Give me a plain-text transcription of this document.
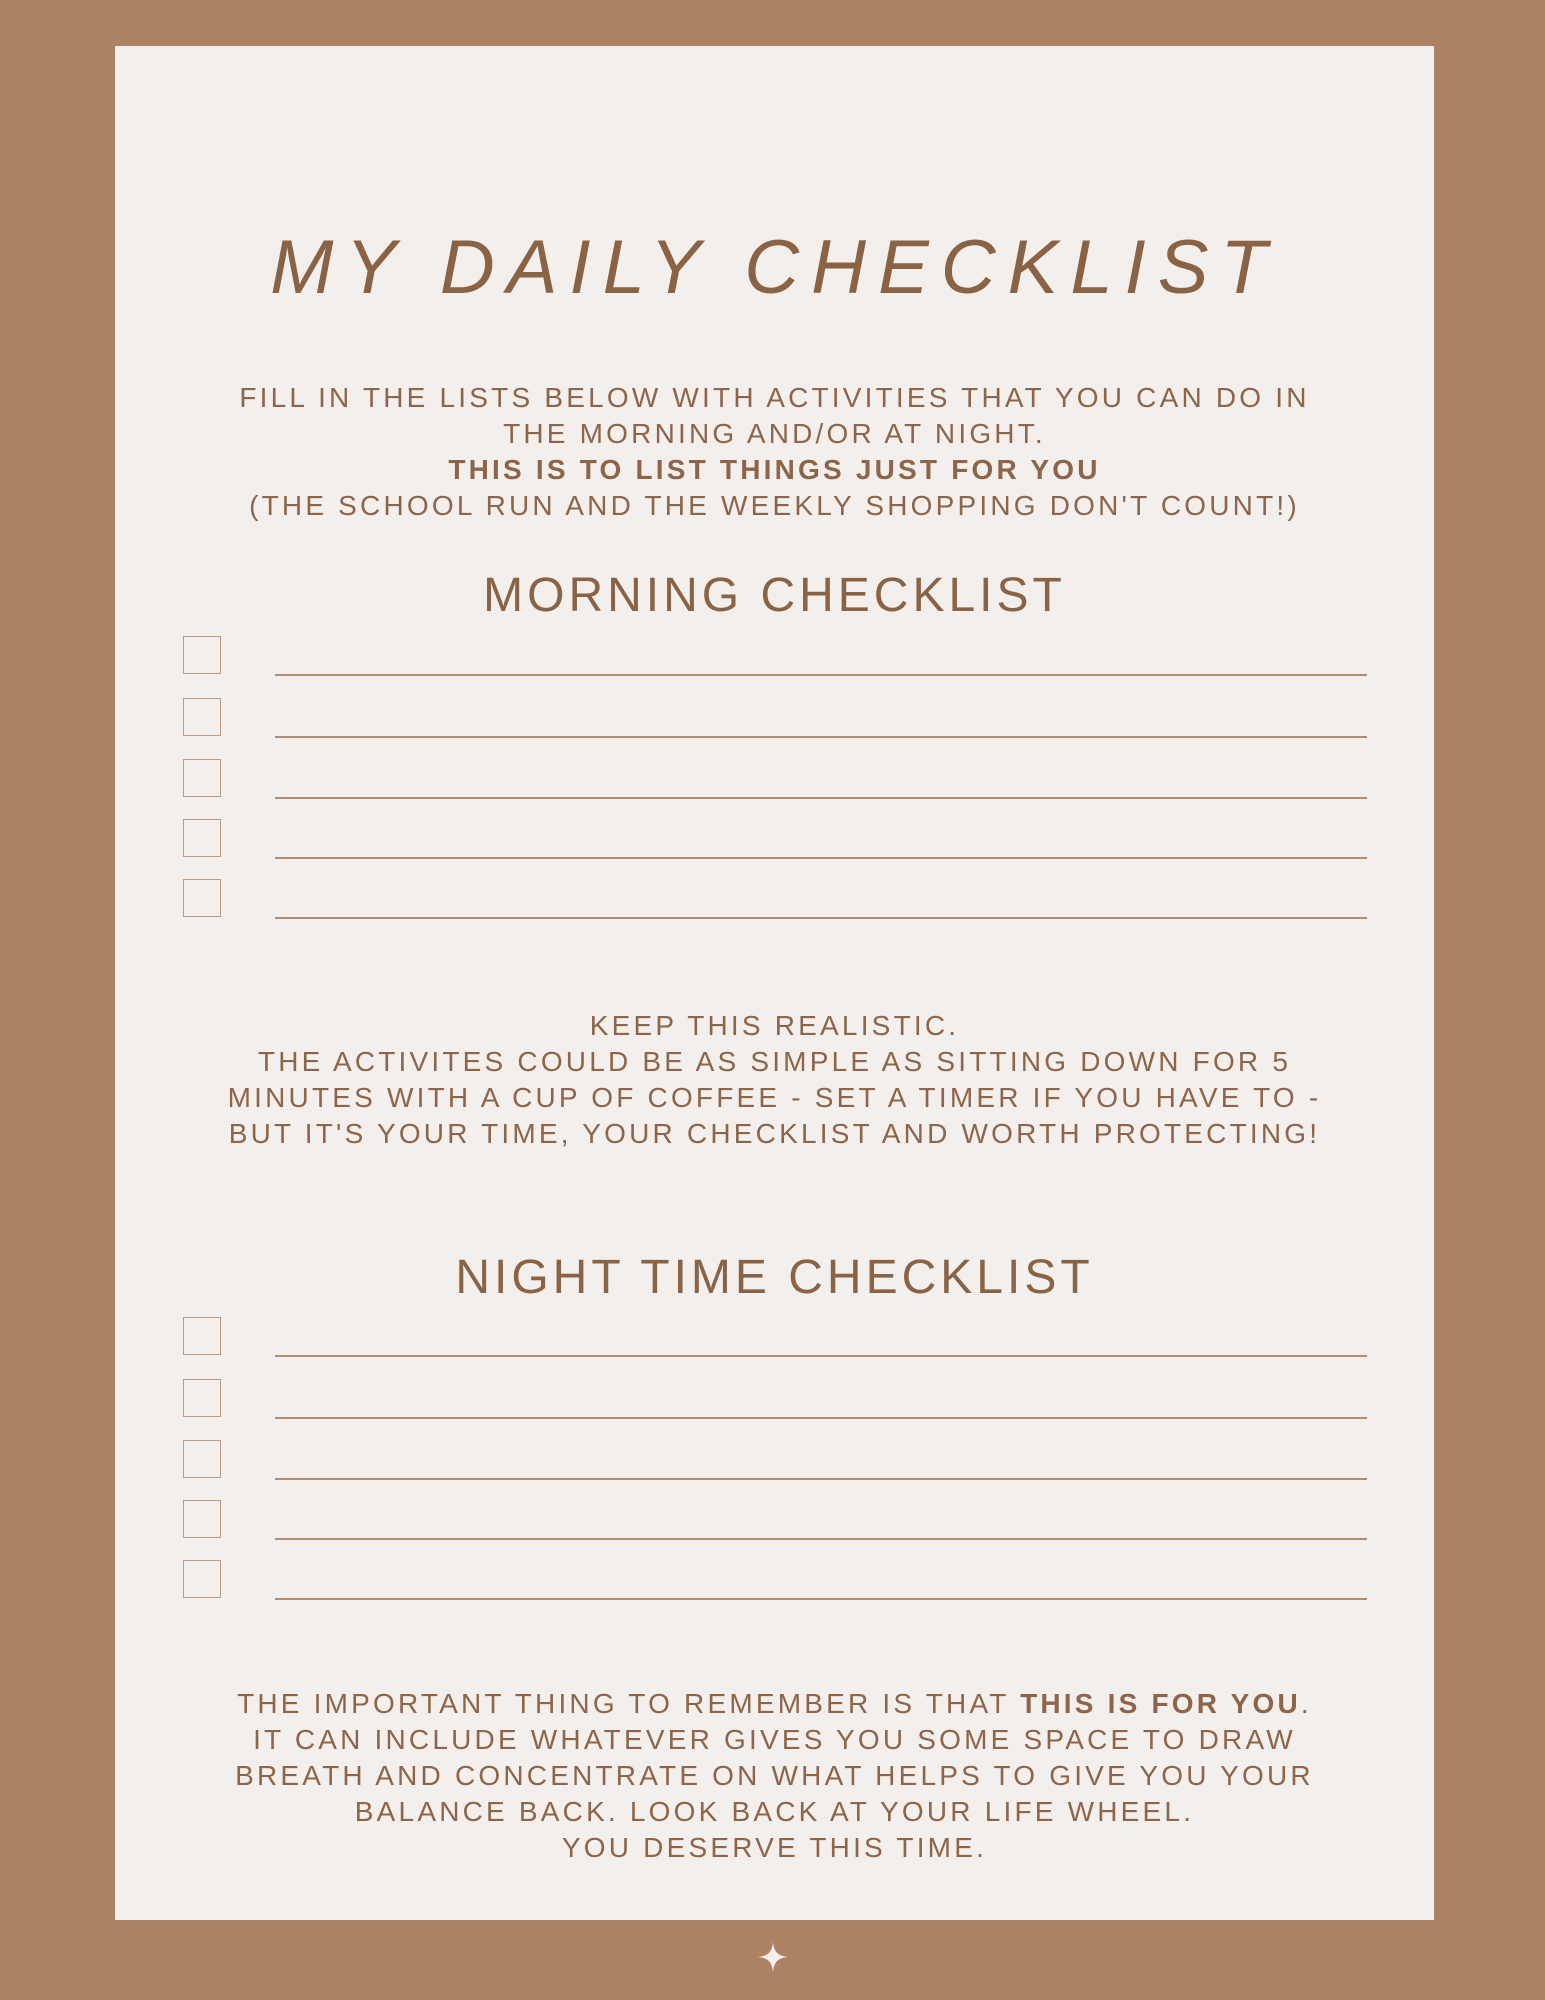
MY DAILY CHECKLIST
FILL IN THE LISTS BELOW WITH ACTIVITIES THAT YOU CAN DO IN
THE MORNING AND/OR AT NIGHT.
THIS IS TO LIST THINGS JUST FOR YOU
(THE SCHOOL RUN AND THE WEEKLY SHOPPING DON'T COUNT!)
MORNING CHECKLIST
KEEP THIS REALISTIC.
THE ACTIVITES COULD BE AS SIMPLE AS SITTING DOWN FOR 5
MINUTES WITH A CUP OF COFFEE - SET A TIMER IF YOU HAVE TO -
BUT IT'S YOUR TIME, YOUR CHECKLIST AND WORTH PROTECTING!
NIGHT TIME CHECKLIST
THE IMPORTANT THING TO REMEMBER IS THAT THIS IS FOR YOU.
IT CAN INCLUDE WHATEVER GIVES YOU SOME SPACE TO DRAW
BREATH AND CONCENTRATE ON WHAT HELPS TO GIVE YOU YOUR
BALANCE BACK. LOOK BACK AT YOUR LIFE WHEEL.
YOU DESERVE THIS TIME.
